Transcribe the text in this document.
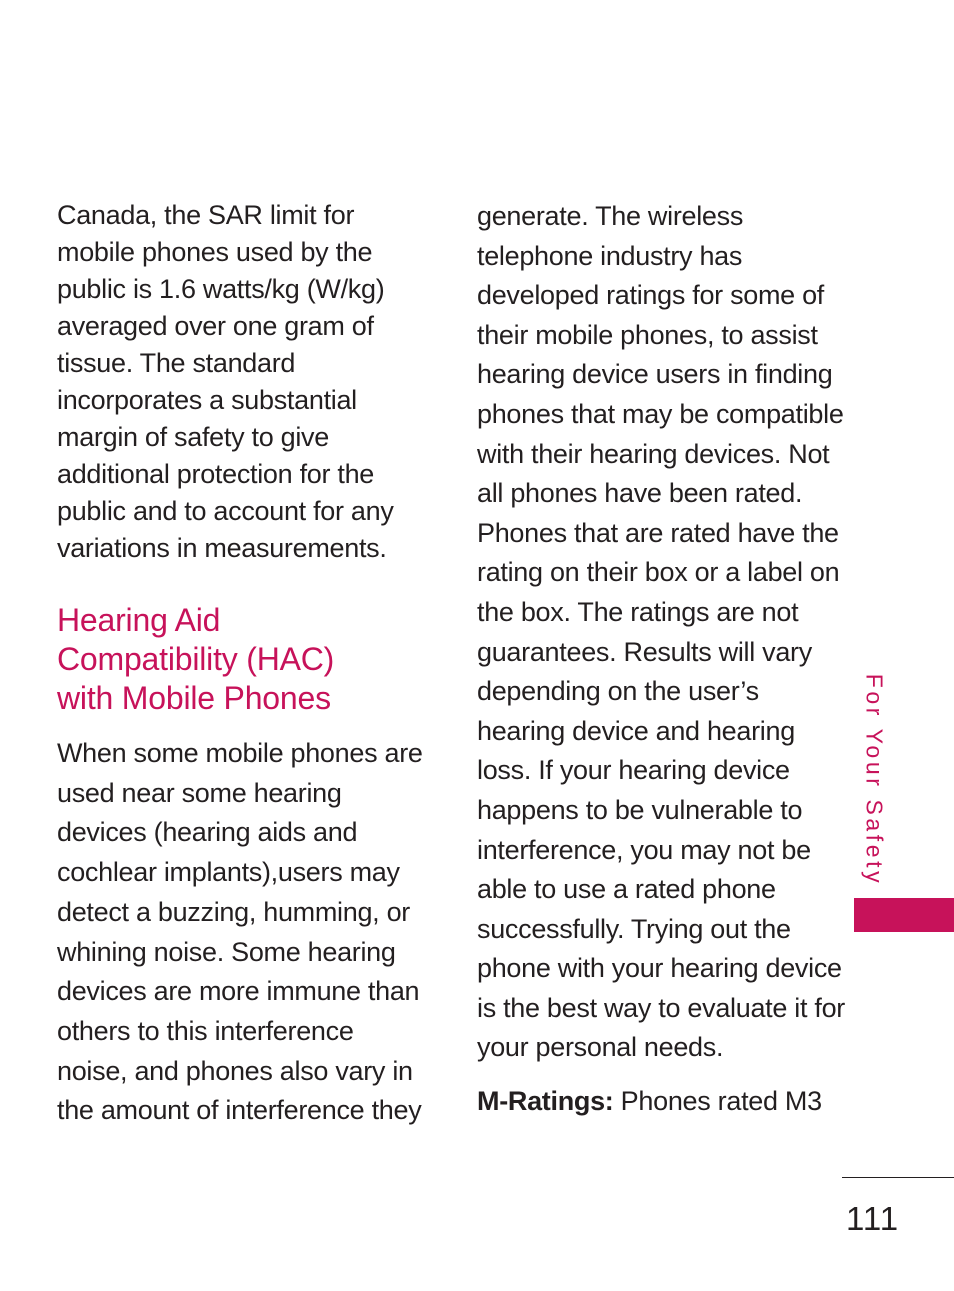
Canada, the SAR limit for mobile phones used by the public is 1.6 watts/kg (W/kg) averaged over one gram of tissue. The standard incorporates a substantial margin of safety to give additional protection for the public and to account for any variations in measurements.

Hearing Aid
Compatibility (HAC)
with Mobile Phones

When some mobile phones are used near some hearing devices (hearing aids and cochlear implants),users may detect a buzzing, humming, or whining noise. Some hearing devices are more immune than others to this interference noise, and phones also vary in the amount of interference they

generate. The wireless telephone industry has developed ratings for some of their mobile phones, to assist hearing device users in finding phones that may be compatible with their hearing devices. Not all phones have been rated. Phones that are rated have the rating on their box or a label on the box. The ratings are not guarantees. Results will vary depending on the user’s hearing device and hearing loss. If your hearing device happens to be vulnerable to interference, you may not be able to use a rated phone successfully. Trying out the phone with your hearing device is the best way to evaluate it for your personal needs.

M-Ratings: Phones rated M3

For Your Safety
111
